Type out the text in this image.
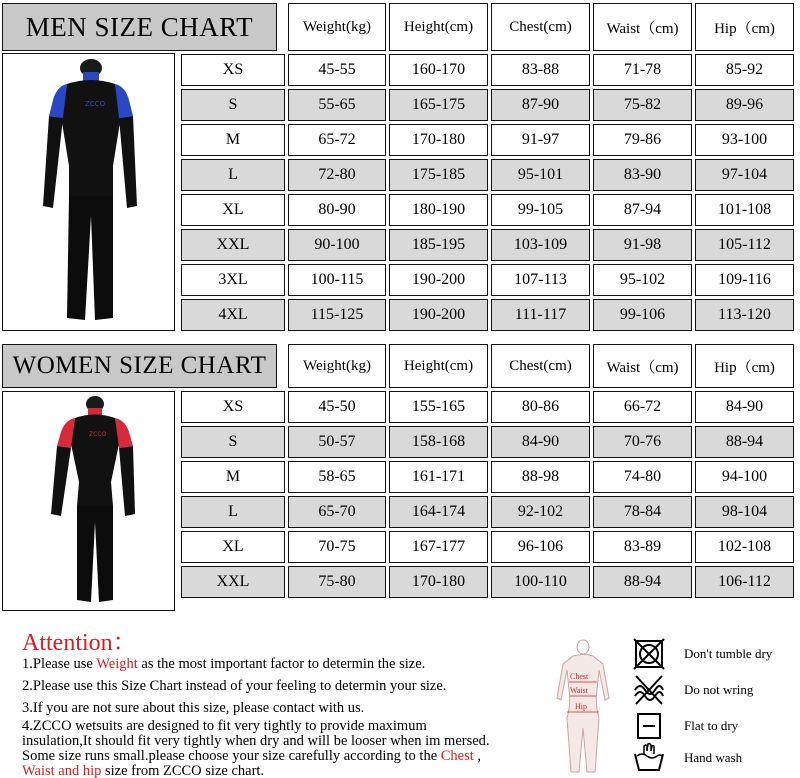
MEN SIZE CHART
ZCCO
	Weight(kg)	Height(cm)	Chest(cm)	Waist（cm)	Hip（cm)
XS	45-55	160-170	83-88	71-78	85-92
S	55-65	165-175	87-90	75-82	89-96
M	65-72	170-180	91-97	79-86	93-100
L	72-80	175-185	95-101	83-90	97-104
XL	80-90	180-190	99-105	87-94	101-108
XXL	90-100	185-195	103-109	91-98	105-112
3XL	100-115	190-200	107-113	95-102	109-116
4XL	115-125	190-200	111-117	99-106	113-120
WOMEN SIZE CHART
ZCCO
	Weight(kg)	Height(cm)	Chest(cm)	Waist（cm)	Hip（cm)
XS	45-50	155-165	80-86	66-72	84-90
S	50-57	158-168	84-90	70-76	88-94
M	58-65	161-171	88-98	74-80	94-100
L	65-70	164-174	92-102	78-84	98-104
XL	70-75	167-177	96-106	83-89	102-108
XXL	75-80	170-180	100-110	88-94	106-112
Attention：
1.Please use Weight as the most important factor to determin the size.
2.Please use this Size Chart instead of your feeling to determin your size.
3.If you are not sure about this size, please contact with us.
4.ZCCO wetsuits are designed to fit very tightly to provide maximum
insulation,It should fit very tightly when dry and will be looser when im mersed.
Some size runs small.please choose your size carefully according to the Chest ,
Waist and hip size from ZCCO size chart.
Chest
Waist
Hip
Don't tumble dry
Do not wring
Flat to dry
Hand wash
